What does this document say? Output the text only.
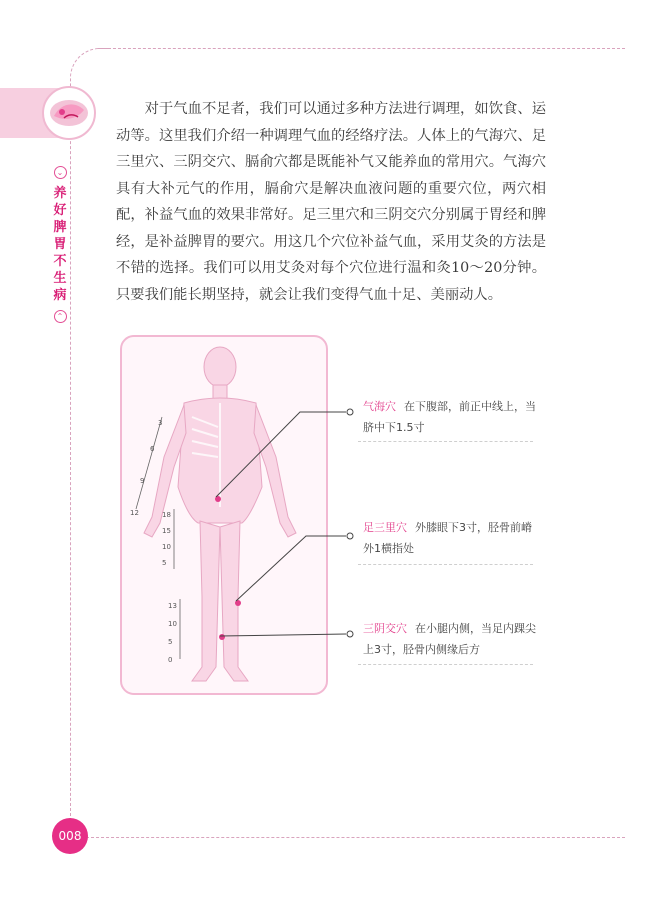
⌄
养好脾胃不生病
⌃

对于气血不足者，我们可以通过多种方法进行调理，如饮食、运动等。这里我们介绍一种调理气血的经络疗法。人体上的气海穴、足三里穴、三阴交穴、膈俞穴都是既能补气又能养血的常用穴。气海穴具有大补元气的作用，膈俞穴是解决血液问题的重要穴位，两穴相配，补益气血的效果非常好。足三里穴和三阴交穴分别属于胃经和脾经，是补益脾胃的要穴。用这几个穴位补益气血，采用艾灸的方法是不错的选择。我们可以用艾灸对每个穴位进行温和灸10～20分钟。只要我们能长期坚持，就会让我们变得气血十足、美丽动人。

12
9
6
3
18
15
10
5
13
10
5
0
气海穴 在下腹部，前正中线上，当脐中下1.5寸
足三里穴 外膝眼下3寸，胫骨前嵴外1横指处
三阴交穴 在小腿内侧，当足内踝尖上3寸，胫骨内侧缘后方
008
